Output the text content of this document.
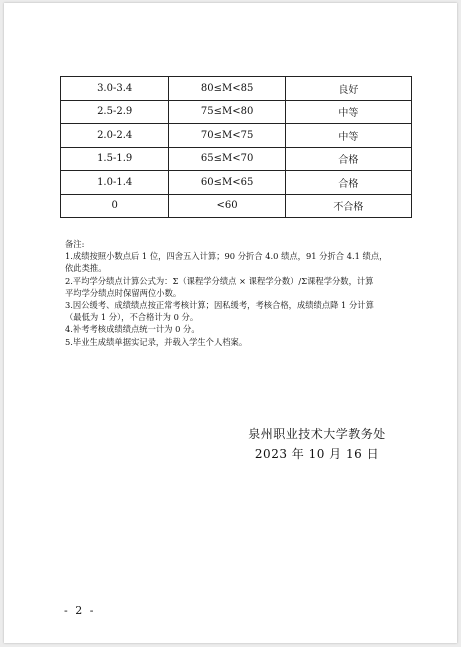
3.0-3.4	80≤M<85	良好
2.5-2.9	75≤M<80	中等
2.0-2.4	70≤M<75	中等
1.5-1.9	65≤M<70	合格
1.0-1.4	60≤M<65	合格
0	<60	不合格
备注:
1.成绩按照小数点后 1 位，四舍五入计算；90 分折合 4.0 绩点，91 分折合 4.1 绩点，
依此类推。
2.平均学分绩点计算公式为：Σ（课程学分绩点 × 课程学分数）/Σ课程学分数，计算
平均学分绩点时保留两位小数。
3.因公缓考、成绩绩点按正常考核计算；因私缓考，考核合格，成绩绩点降 1 分计算
（最低为 1 分），不合格计为 0 分。
4.补考考核成绩绩点统一计为 0 分。
5.毕业生成绩单据实记录，并载入学生个人档案。
泉州职业技术大学教务处
2023 年 10 月 16 日
- 2 -
